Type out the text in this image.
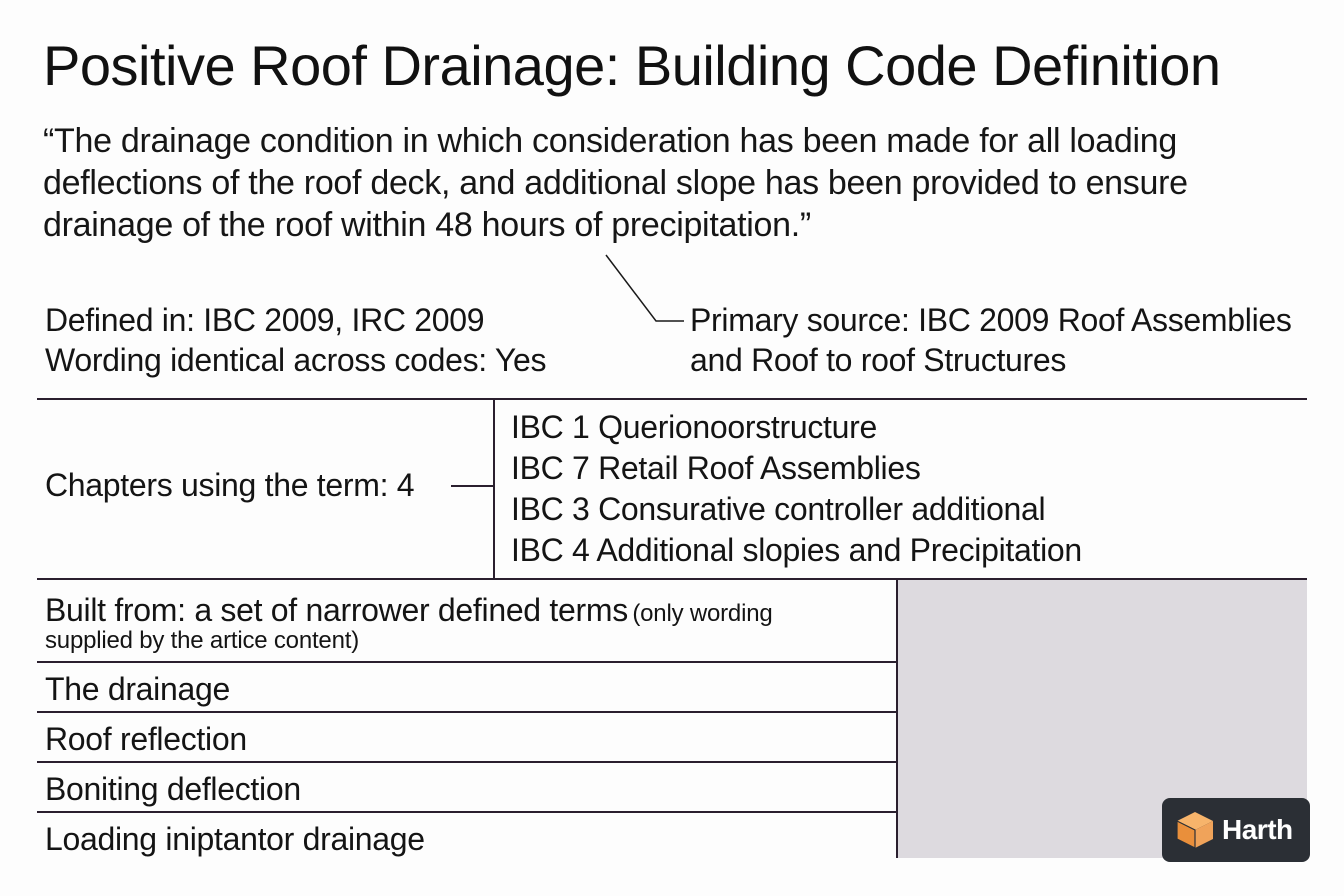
Positive Roof Drainage: Building Code Definition
“The drainage condition in which consideration has been made for all loading deflections of the roof deck, and additional slope has been provided to ensure drainage of the roof within 48 hours of precipitation.”
Defined in: IBC 2009, IRC 2009
Wording identical across codes: Yes
Primary source: IBC 2009 Roof Assemblies
and Roof to roof Structures
Chapters using the term: 4
IBC 1 Querionoorstructure
IBC 7 Retail Roof Assemblies
IBC 3 Consurative controller additional
IBC 4 Additional slopies and Precipitation
Built from: a set of narrower defined terms (only wording
supplied by the artice content)
The drainage
Roof reflection
Boniting deflection
Loading iniptantor drainage	Harth
